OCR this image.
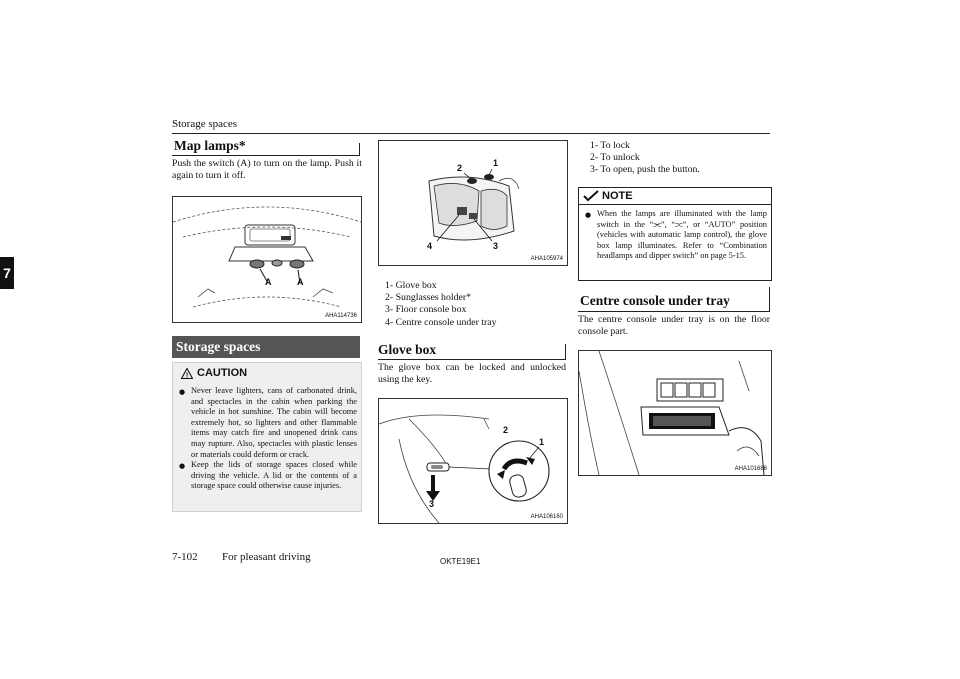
Storage spaces
7
Map lamps*
Push the switch (A) to turn on the lamp. Push it again to turn it off.
A	A
AHA114736
Storage spaces
! CAUTION
● Never leave lighters, cans of carbonated drink, and spectacles in the cabin when parking the vehicle in hot sunshine. The cabin will become extremely hot, so lighters and other flammable items may catch fire and unopened drink cans may rupture. Also, spectacles with plastic lenses or materials could deform or crack.
● Keep the lids of storage spaces closed while driving the vehicle. A lid or the contents of a storage space could otherwise cause injuries.
1
2
3
4
AHA105974
1- Glove box
2- Sunglasses holder*
3- Floor console box
4- Centre console under tray
Glove box
The glove box can be locked and unlocked using the key.
1
2
3
AHA106160
1- To lock
2- To unlock
3- To open, push the button.
NOTE
● When the lamps are illuminated with the lamp switch in the “⫘”, “⫗”, or “AUTO” position (vehicles with automatic lamp control), the glove box lamp illuminates. Refer to “Combination headlamps and dipper switch” on page 5-15.
Centre console under tray
The centre console under tray is on the floor console part.
AHA101686
7-102 For pleasant driving	OKTE19E1
